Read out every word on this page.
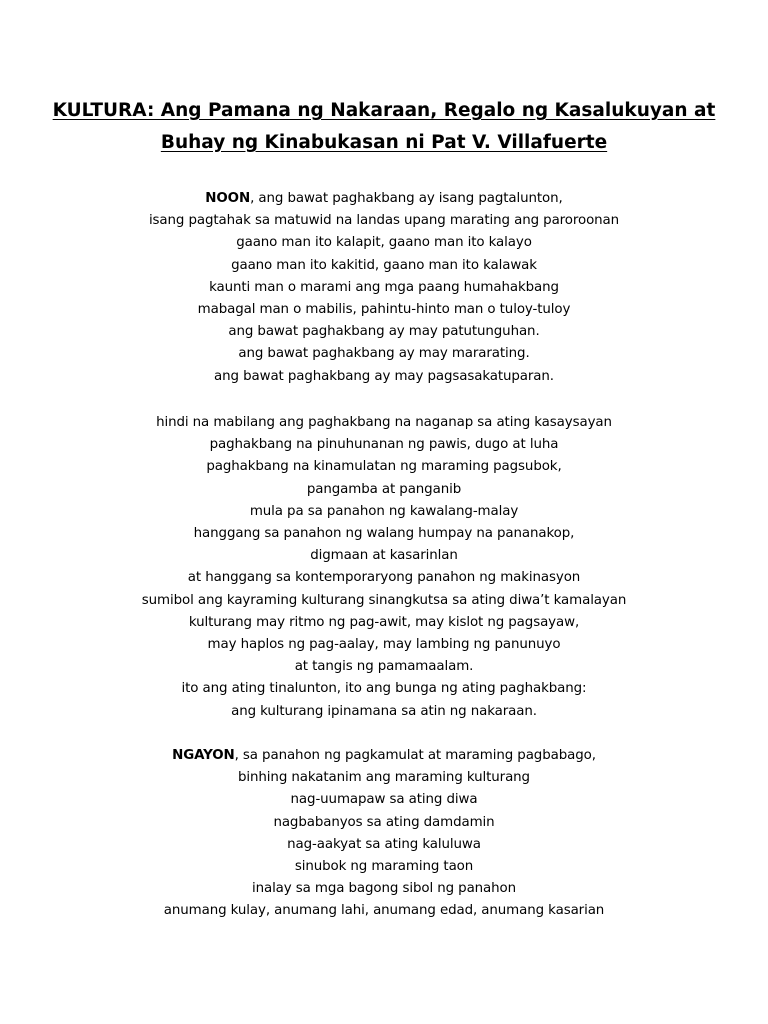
KULTURA: Ang Pamana ng Nakaraan, Regalo ng Kasalukuyan at
Buhay ng Kinabukasan ni Pat V. Villafuerte
NOON, ang bawat paghakbang ay isang pagtalunton,
isang pagtahak sa matuwid na landas upang marating ang paroroonan
gaano man ito kalapit, gaano man ito kalayo
gaano man ito kakitid, gaano man ito kalawak
kaunti man o marami ang mga paang humahakbang
mabagal man o mabilis, pahintu-hinto man o tuloy-tuloy
ang bawat paghakbang ay may patutunguhan.
ang bawat paghakbang ay may mararating.
ang bawat paghakbang ay may pagsasakatuparan.
hindi na mabilang ang paghakbang na naganap sa ating kasaysayan
paghakbang na pinuhunanan ng pawis, dugo at luha
paghakbang na kinamulatan ng maraming pagsubok,
pangamba at panganib
mula pa sa panahon ng kawalang-malay
hanggang sa panahon ng walang humpay na pananakop,
digmaan at kasarinlan
at hanggang sa kontemporaryong panahon ng makinasyon
sumibol ang kayraming kulturang sinangkutsa sa ating diwa’t kamalayan
kulturang may ritmo ng pag-awit, may kislot ng pagsayaw,
may haplos ng pag-aalay, may lambing ng panunuyo
at tangis ng pamamaalam.
ito ang ating tinalunton, ito ang bunga ng ating paghakbang:
ang kulturang ipinamana sa atin ng nakaraan.
NGAYON, sa panahon ng pagkamulat at maraming pagbabago,
binhing nakatanim ang maraming kulturang
nag-uumapaw sa ating diwa
nagbabanyos sa ating damdamin
nag-aakyat sa ating kaluluwa
sinubok ng maraming taon
inalay sa mga bagong sibol ng panahon
anumang kulay, anumang lahi, anumang edad, anumang kasarian
